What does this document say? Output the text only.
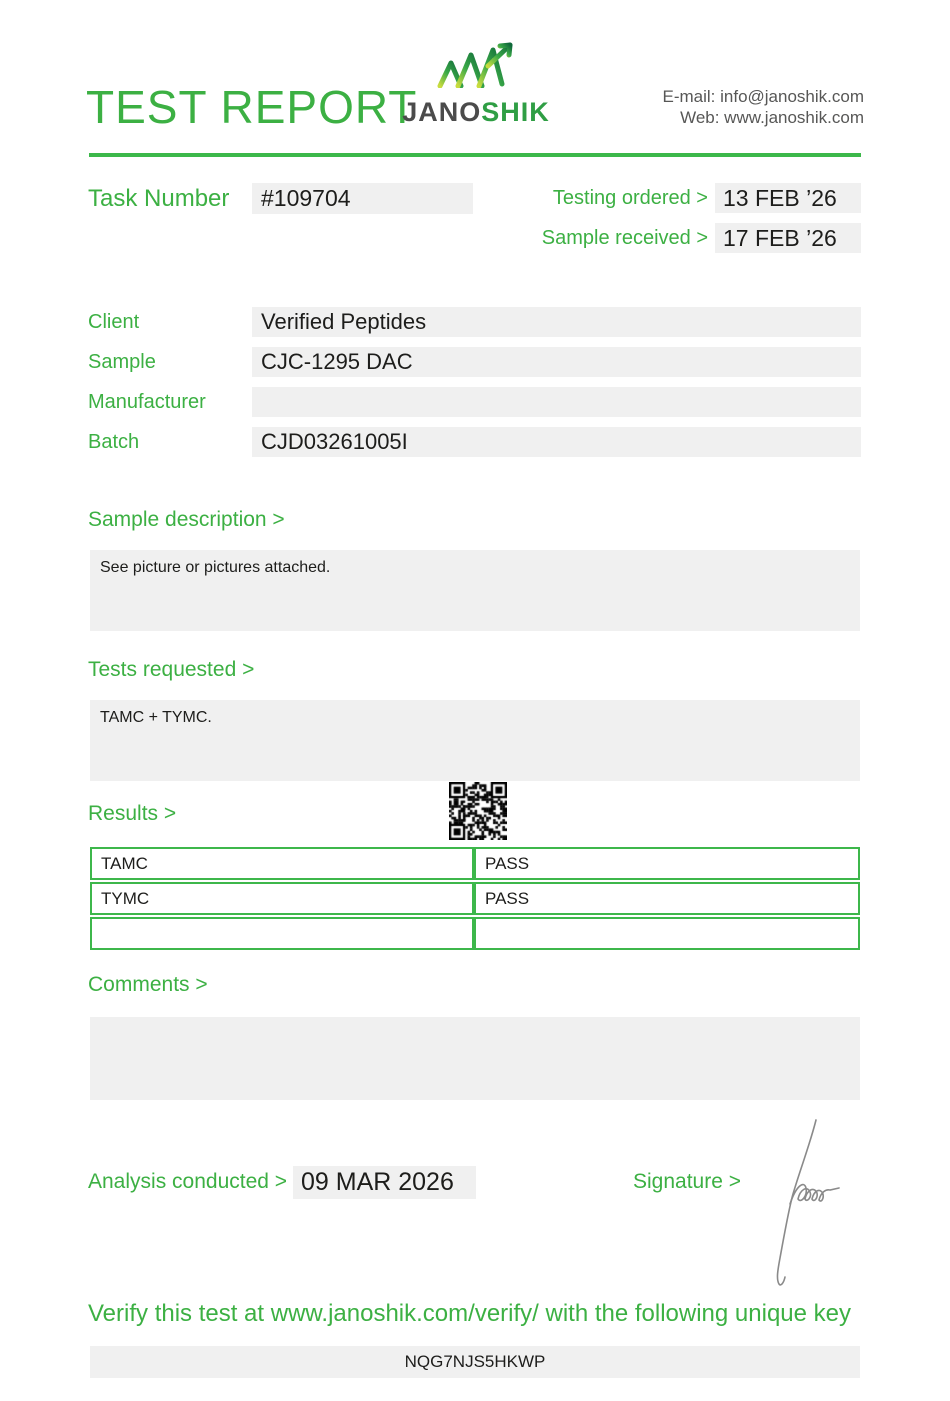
TEST REPORT
JANOSHIK
E-mail: info@janoshik.com
Web: www.janoshik.com
Task Number	#109704	Testing ordered > 13 FEB ’26
Sample received > 17 FEB ’26
Client	Verified Peptides
Sample	CJC-1295 DAC
Manufacturer
Batch	CJD03261005I
Sample description >
See picture or pictures attached.
Tests requested >
TAMC + TYMC.
Results >
TAMC	PASS
TYMC	PASS
Comments >
Analysis conducted > 09 MAR 2026	Signature >
Verify this test at www.janoshik.com/verify/ with the following unique key
NQG7NJS5HKWP
